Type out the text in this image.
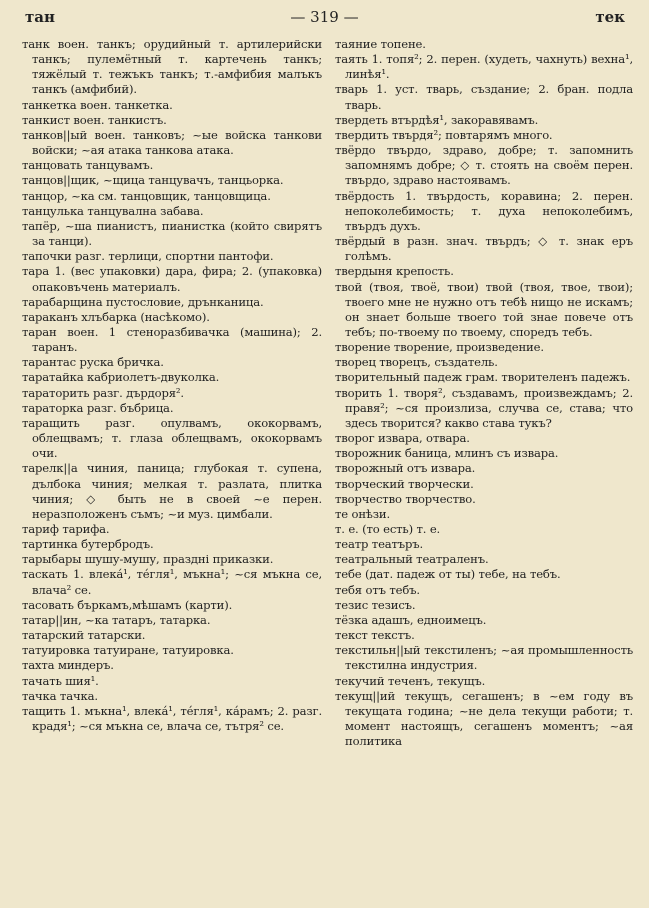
тан	— 319 —	тек
танк воен. танкъ; орудийный т. артилерийски танкъ; пулемётный т. картечень танкъ; тяжёлый т. тежъкъ танкъ; т.-амфибия малъкъ танкъ (амфибий).
танкетка воен. танкетка.
танкист воен. танкистъ.
танков||ый воен. танковъ; ~ые войска танкови войски; ~ая атака танкова атака.
танцовать танцувамъ.
танцов||щик, ~щица танцувачъ, танцьорка.
танцор, ~ка см. танцовщик, танцовщица.
танцулька танцувална забава.
тапёр, ~ша пианистъ, пианистка (който свирятъ за танци).
тапочки разг. терлици, спортни пантофи.
тара 1. (вес упаковки) дара, фира; 2. (упаковка) опаковъчень материалъ.
тарабарщина пустословие, дрънканица.
тараканъ хлъбарка (наcѣкомо).
таран воен. 1 стеноразбивачка (машина); 2. таранъ.
тарантас руска бричка.
таратайка кабриолетъ-двуколка.
тараторить разг. дърдоря².
тараторка разг. бъбрица.
таращить разг. опулвамъ, ококорвамъ, облещвамъ; т. глаза облещвамъ, ококорвамъ очи.
тарелк||а чиния, паница; глубокая т. супена, дълбока чиния; мелкая т. разлата, плитка чиния; ◇ быть не в своей ~е перен. неразположенъ съмъ; ~и муз. цимбали.
тариф тарифа.
тартинка бутербродъ.
тарыбары шушу-мушу, празднi приказки.
таскать 1. влекá¹, тéгля¹, мъкна¹; ~ся мъкна се, влача² се.
тасовать бъркамъ,мѣшамъ (карти).
татар||ин, ~ка татаръ, татарка.
татарский татарски.
татуировка татуиране, татуировка.
тахта миндеръ.
тачать шия¹.
тачка тачка.
тащить 1. мъкна¹, влекá¹, тéгля¹, кáрамъ; 2. разг. крадя¹; ~ся мъкна се, влача се, тътря² се.
таяние топене.
таять 1. топя²; 2. перен. (худеть, чахнуть) вехна¹, линѣя¹.
тварь 1. уст. тварь, създание; 2. бран. подла тварь.
твердеть втърдѣя¹, закоравявамъ.
твердить твърдя²; повтарямъ многo.
твёрдо твърдо, здраво, добре; т. запомнить запомнямъ добре; ◇ т. стоять на своём перен. твърдо, здраво настоявамъ.
твёрдость 1. твърдость, коравина; 2. перен. непоколебимость; т. духа непоколебимъ, твърдъ духъ.
твёрдый в разн. знач. твърдъ; ◇ т. знак еръ голѣмъ.
твердыня крепость.
твой (твоя, твоё, твои) твой (твоя, твое, твои); твоего мне не нужно отъ тебѣ нищо не искамъ; он знает больше твоего той знае повече отъ тебъ; по-твоему по твоему, споредъ тебъ.
творение творение, произведение.
творец творецъ, създатель.
творительный падеж грам. творителенъ падежъ.
творить 1. творя², създавамъ, произвеждамъ; 2. правя²; ~ся произлиза, случва се, става; что здесь творится? какво става тукъ?
творог извара, отвара.
творожник баница, млинъ съ извара.
творожный отъ извара.
творческий творчески.
творчество творчество.
те онѣзи.
т. е. (то есть) т. е.
театр театъръ.
театральный театраленъ.
тебе (дат. падеж от ты) тебе, на тебъ.
тебя отъ тебъ.
тезис тезисъ.
тёзка адашъ, едноимецъ.
текст текстъ.
текстильн||ый текстиленъ; ~ая промышленность текстилна индустрия.
текучий теченъ, текущъ.
текущ||ий текущъ, сегашенъ; в ~ем году въ текущата година; ~не дела текущи работи; т. момент настоящъ, сегашенъ моментъ; ~ая политика
